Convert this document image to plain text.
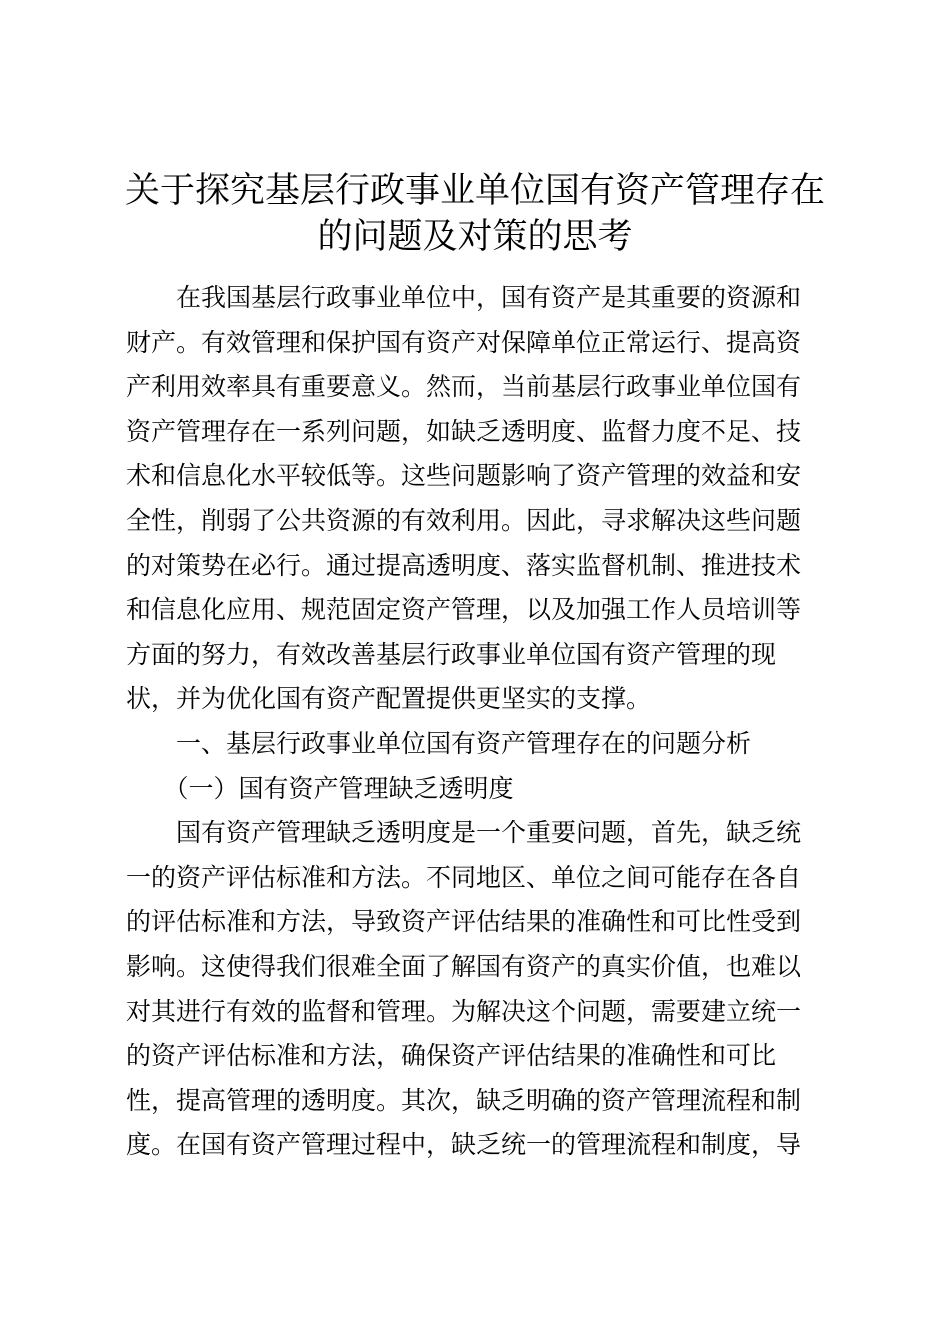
关于探究基层行政事业单位国有资产管理存在
的问题及对策的思考
　　在我国基层行政事业单位中，国有资产是其重要的资源和
财产。有效管理和保护国有资产对保障单位正常运行、提高资
产利用效率具有重要意义。然而，当前基层行政事业单位国有
资产管理存在一系列问题，如缺乏透明度、监督力度不足、技
术和信息化水平较低等。这些问题影响了资产管理的效益和安
全性，削弱了公共资源的有效利用。因此，寻求解决这些问题
的对策势在必行。通过提高透明度、落实监督机制、推进技术
和信息化应用、规范固定资产管理，以及加强工作人员培训等
方面的努力，有效改善基层行政事业单位国有资产管理的现
状，并为优化国有资产配置提供更坚实的支撑。
　　一、基层行政事业单位国有资产管理存在的问题分析
　　（一）国有资产管理缺乏透明度
　　国有资产管理缺乏透明度是一个重要问题，首先，缺乏统
一的资产评估标准和方法。不同地区、单位之间可能存在各自
的评估标准和方法，导致资产评估结果的准确性和可比性受到
影响。这使得我们很难全面了解国有资产的真实价值，也难以
对其进行有效的监督和管理。为解决这个问题，需要建立统一
的资产评估标准和方法，确保资产评估结果的准确性和可比
性，提高管理的透明度。其次，缺乏明确的资产管理流程和制
度。在国有资产管理过程中，缺乏统一的管理流程和制度，导
